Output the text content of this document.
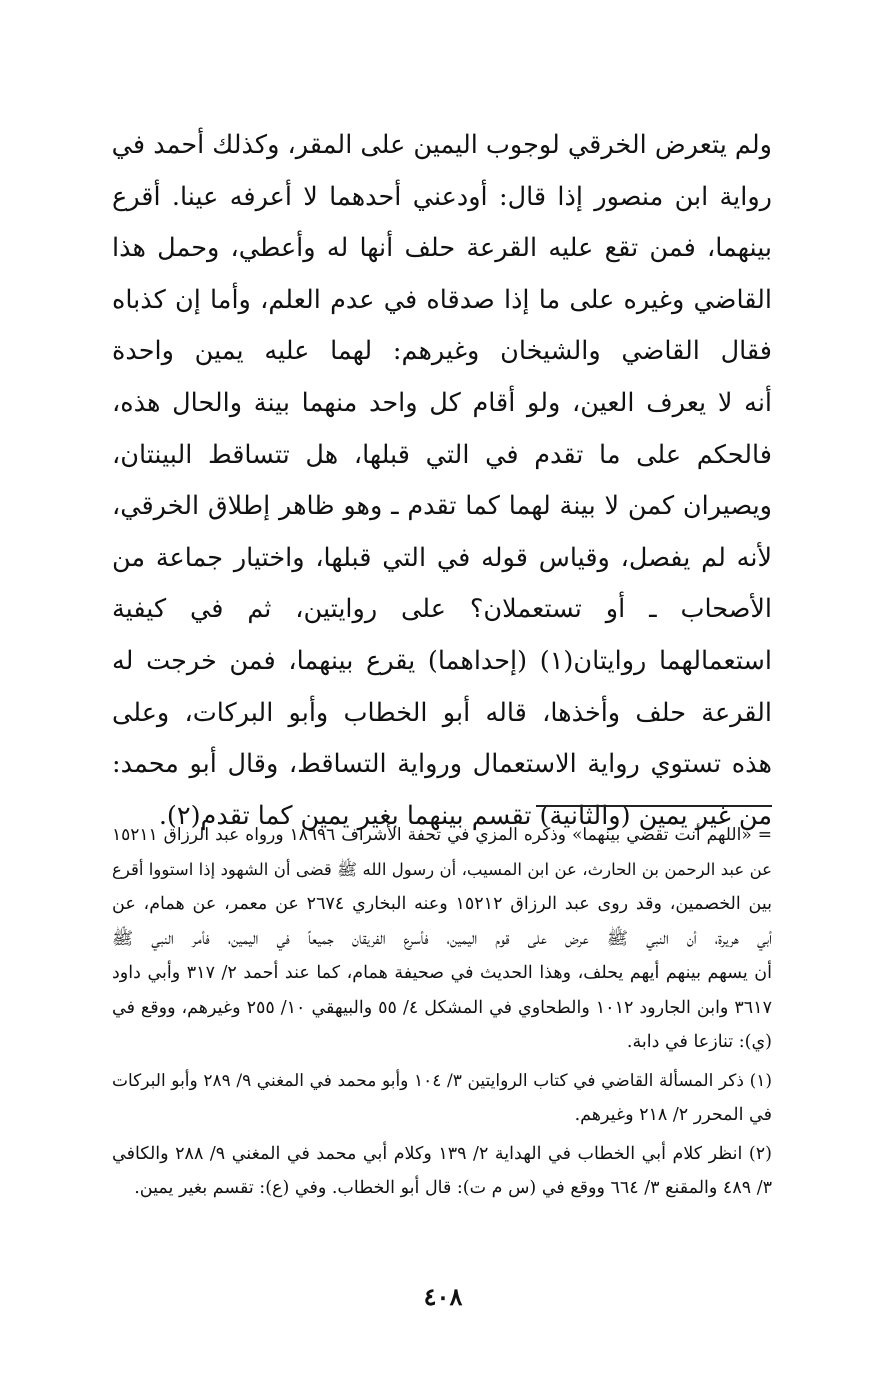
ولم يتعرض الخرقي لوجوب اليمين على المقر، وكذلك أحمد في
رواية ابن منصور إذا قال: أودعني أحدهما لا أعرفه عينا. أقرع
بينهما، فمن تقع عليه القرعة حلف أنها له وأعطي، وحمل هذا
القاضي وغيره على ما إذا صدقاه في عدم العلم، وأما إن كذباه
فقال القاضي والشيخان وغيرهم: لهما عليه يمين واحدة
أنه لا يعرف العين، ولو أقام كل واحد منهما بينة والحال هذه،
فالحكم على ما تقدم في التي قبلها، هل تتساقط البينتان،
ويصيران كمن لا بينة لهما كما تقدم ـ وهو ظاهر إطلاق الخرقي،
لأنه لم يفصل، وقياس قوله في التي قبلها، واختيار جماعة من
الأصحاب ـ أو تستعملان؟ على روايتين، ثم في كيفية
استعمالهما روايتان(١) (إحداهما) يقرع بينهما، فمن خرجت له
القرعة حلف وأخذها، قاله أبو الخطاب وأبو البركات، وعلى
هذه تستوي رواية الاستعمال ورواية التساقط، وقال أبو محمد:
من غير يمين (والثانية) تقسم بينهما بغير يمين كما تقدم(٢).
= «اللهم أنت تقضي بينهما» وذكره المزي في تحفة الأشراف ١٨٦٩٦ ورواه عبد الرزاق ١٥٢١١
عن عبد الرحمن بن الحارث، عن ابن المسيب، أن رسول الله ﷺ قضى أن الشهود إذا استووا أقرع
بين الخصمين، وقد روى عبد الرزاق ١٥٢١٢ وعنه البخاري ٢٦٧٤ عن معمر، عن همام، عن
أبي هريرة، أن النبي ﷺ عرض على قوم اليمين، فأسرع الفريقان جميعاً في اليمين، فأمر النبي ﷺ
أن يسهم بينهم أيهم يحلف، وهذا الحديث في صحيفة همام، كما عند أحمد ٢/ ٣١٧ وأبي داود
٣٦١٧ وابن الجارود ١٠١٢ والطحاوي في المشكل ٤/ ٥٥ والبيهقي ١٠/ ٢٥٥ وغيرهم، ووقع في
(ي): تنازعا في دابة.
(١) ذكر المسألة القاضي في كتاب الروايتين ٣/ ١٠٤ وأبو محمد في المغني ٩/ ٢٨٩ وأبو البركات
في المحرر ٢/ ٢١٨ وغيرهم.
(٢) انظر كلام أبي الخطاب في الهداية ٢/ ١٣٩ وكلام أبي محمد في المغني ٩/ ٢٨٨ والكافي
٣/ ٤٨٩ والمقنع ٣/ ٦٦٤ ووقع في (س م ت): قال أبو الخطاب. وفي (ع): تقسم بغير يمين.
٤٠٨
